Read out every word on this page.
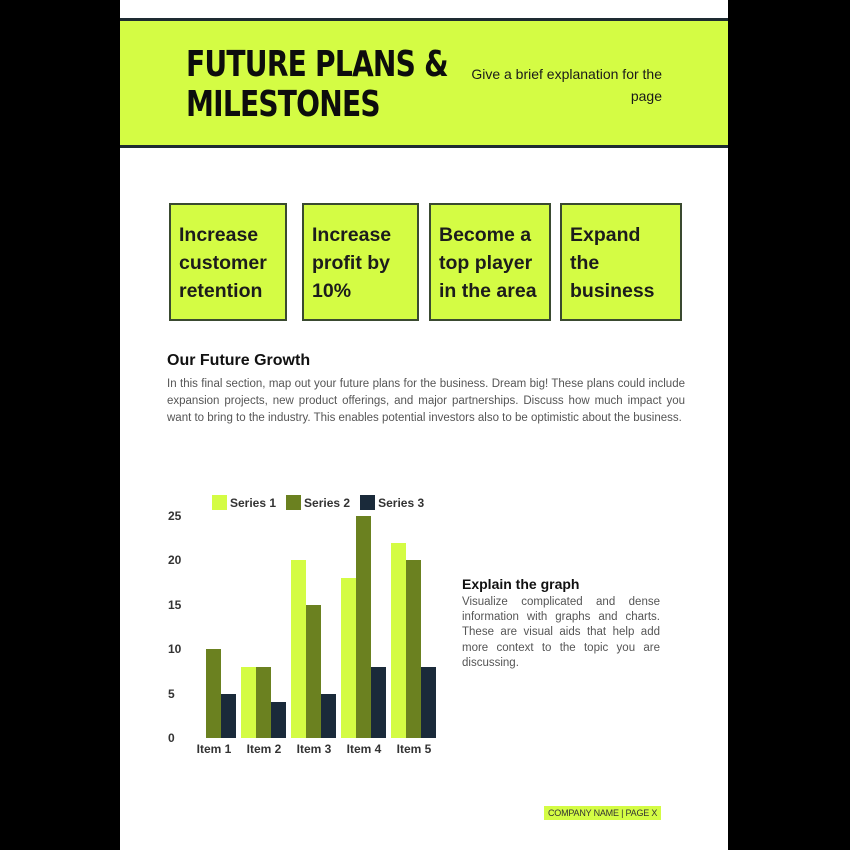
FUTURE PLANS &
MILESTONES
Give a brief explanation for the page
Increase customer retention
Increase profit by 10%
Become a top player in the area
Expand the business
Our Future Growth
In this final section, map out your future plans for the business. Dream big! These plans could include expansion projects, new product offerings, and major partnerships. Discuss how much impact you want to bring to the industry. This enables potential investors also to be optimistic about the business.
Series 1 Series 2 Series 3
0
5
10
15
20
25
Item 1	Item 2	Item 3	Item 4	Item 5
Explain the graph
Visualize complicated and dense information with graphs and charts. These are visual aids that help add more context to the topic you are discussing.
COMPANY NAME | PAGE X
